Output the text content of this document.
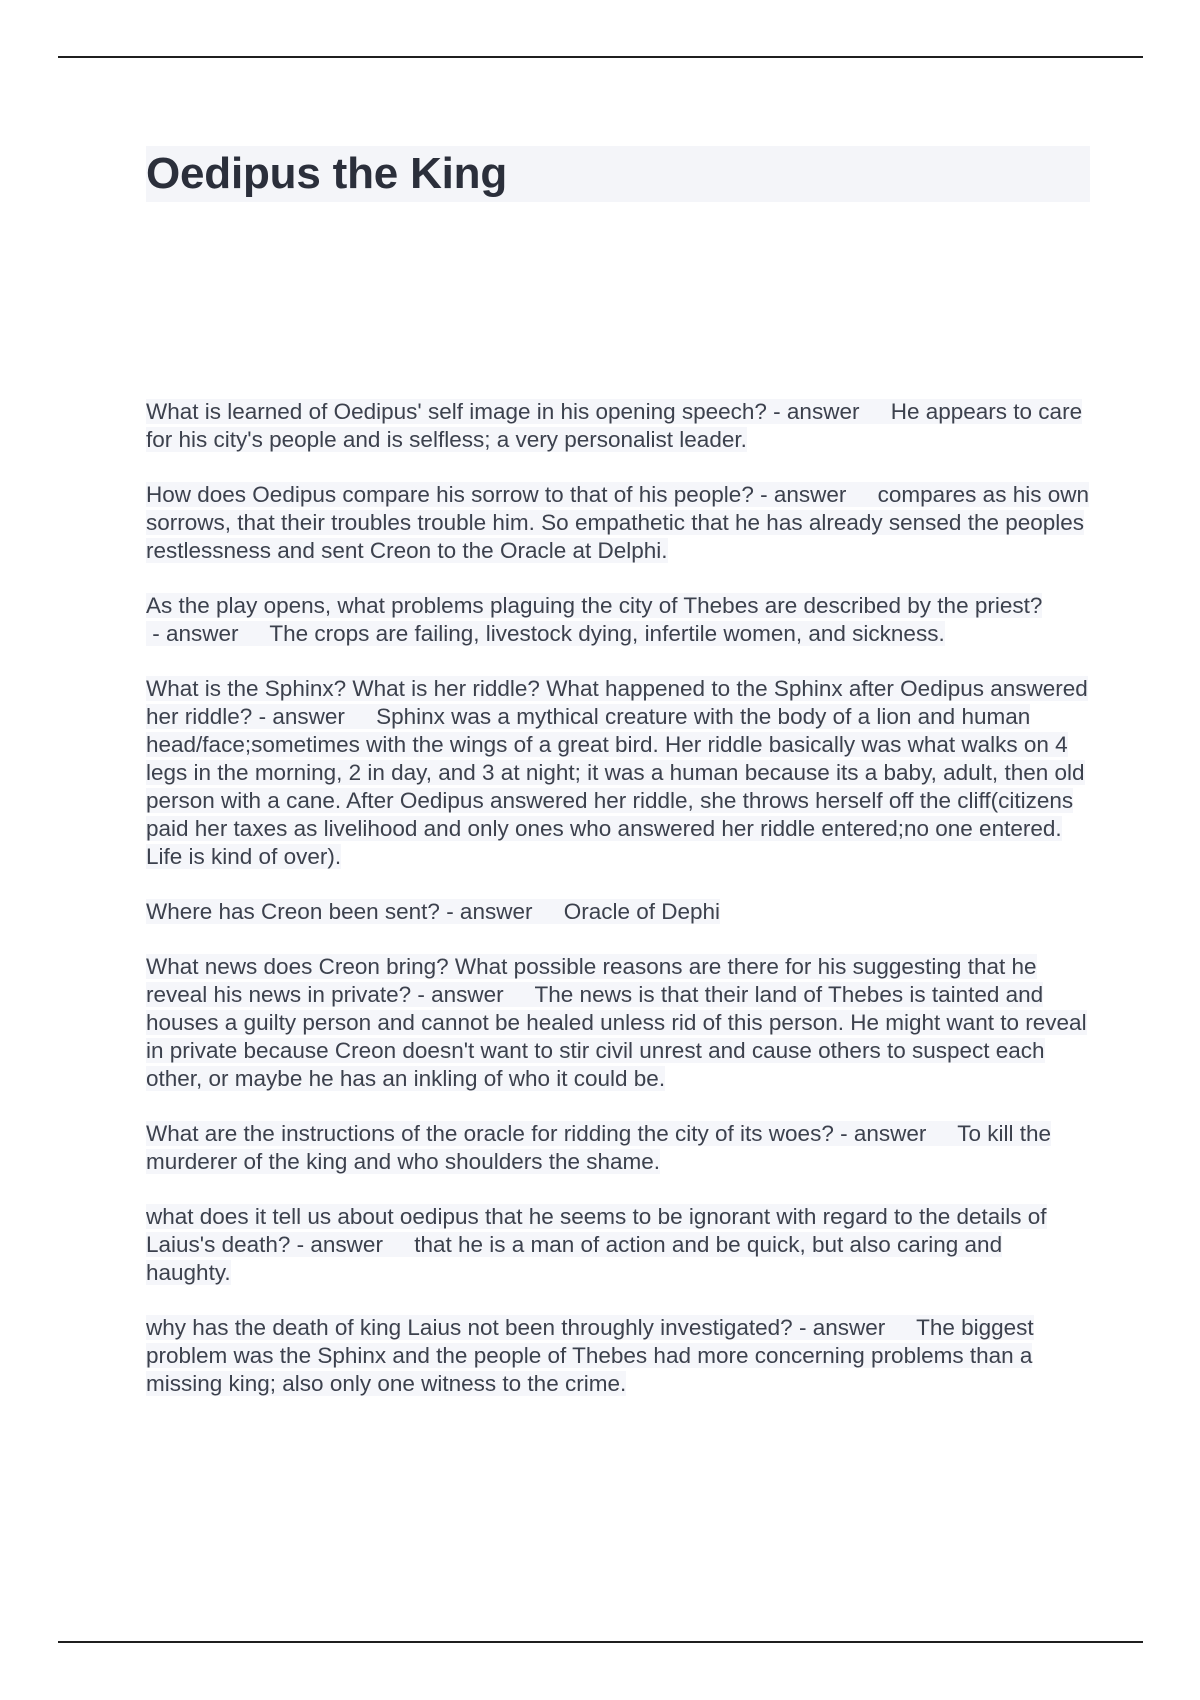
Oedipus the King

What is learned of Oedipus' self image in his opening speech? - answer     He appears to care for his city's people and is selfless; a very personalist leader.

How does Oedipus compare his sorrow to that of his people? - answer     compares as his own sorrows, that their troubles trouble him. So empathetic that he has already sensed the peoples restlessness and sent Creon to the Oracle at Delphi.

As the play opens, what problems plaguing the city of Thebes are described by the priest? - answer     The crops are failing, livestock dying, infertile women, and sickness.

What is the Sphinx? What is her riddle? What happened to the Sphinx after Oedipus answered her riddle? - answer     Sphinx was a mythical creature with the body of a lion and human head/face;sometimes with the wings of a great bird. Her riddle basically was what walks on 4 legs in the morning, 2 in day, and 3 at night; it was a human because its a baby, adult, then old person with a cane. After Oedipus answered her riddle, she throws herself off the cliff(citizens paid her taxes as livelihood and only ones who answered her riddle entered;no one entered. Life is kind of over).

Where has Creon been sent? - answer     Oracle of Dephi

What news does Creon bring? What possible reasons are there for his suggesting that he reveal his news in private? - answer     The news is that their land of Thebes is tainted and houses a guilty person and cannot be healed unless rid of this person. He might want to reveal in private because Creon doesn't want to stir civil unrest and cause others to suspect each other, or maybe he has an inkling of who it could be.

What are the instructions of the oracle for ridding the city of its woes? - answer     To kill the murderer of the king and who shoulders the shame.

what does it tell us about oedipus that he seems to be ignorant with regard to the details of Laius's death? - answer     that he is a man of action and be quick, but also caring and haughty.

why has the death of king Laius not been throughly investigated? - answer     The biggest problem was the Sphinx and the people of Thebes had more concerning problems than a missing king; also only one witness to the crime.
